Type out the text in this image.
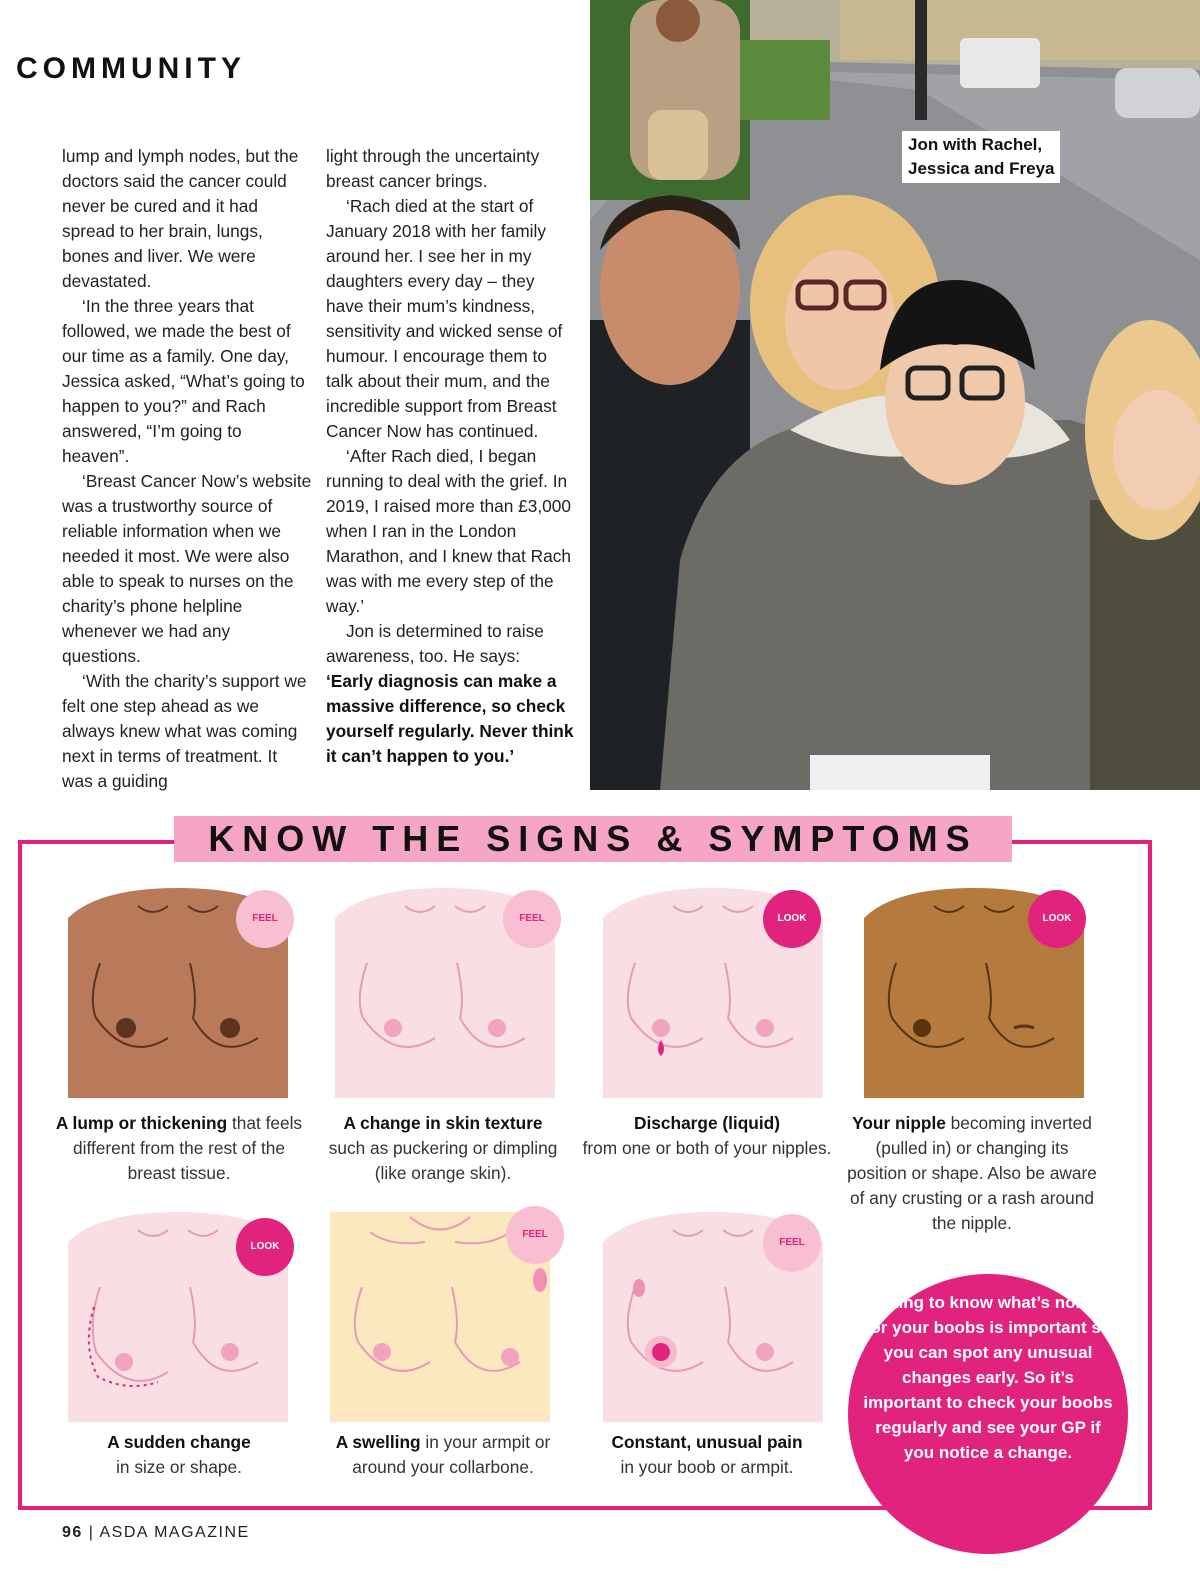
COMMUNITY

lump and lymph nodes, but the doctors said the cancer could never be cured and it had spread to her brain, lungs, bones and liver. We were devastated.

‘In the three years that followed, we made the best of our time as a family. One day, Jessica asked, “What’s going to happen to you?” and Rach answered, “I’m going to heaven”.

‘Breast Cancer Now’s website was a trustworthy source of reliable information when we needed it most. We were also able to speak to nurses on the charity’s phone helpline whenever we had any questions.

‘With the charity’s support we felt one step ahead as we always knew what was coming next in terms of treatment. It was a guiding

light through the uncertainty breast cancer brings.

‘Rach died at the start of January 2018 with her family around her. I see her in my daughters every day – they have their mum’s kindness, sensitivity and wicked sense of humour. I encourage them to talk about their mum, and the incredible support from Breast Cancer Now has continued.

‘After Rach died, I began running to deal with the grief. In 2019, I raised more than £3,000 when I ran in the London Marathon, and I knew that Rach was with me every step of the way.’

Jon is determined to raise awareness, too. He says:

‘Early diagnosis can make a massive difference, so check yourself regularly. Never think it can’t happen to you.’

Jon with Rachel,
Jessica and Freya
KNOW THE SIGNS & SYMPTOMS
FEEL
A lump or thickening that feels different from the rest of the breast tissue.
FEEL
A change in skin texture
such as puckering or dimpling (like orange skin).
LOOK
Discharge (liquid)
from one or both of your nipples.
LOOK
Your nipple becoming inverted (pulled in) or changing its position or shape. Also be aware of any crusting or a rash around the nipple.
LOOK
A sudden change
in size or shape.
FEEL
A swelling in your armpit or around your collarbone.
FEEL
Constant, unusual pain
in your boob or armpit.
Getting to know what’s normal for your boobs is important so you can spot any unusual changes early. So it’s important to check your boobs regularly and see your GP if you notice a change.
96 | ASDA MAGAZINE
